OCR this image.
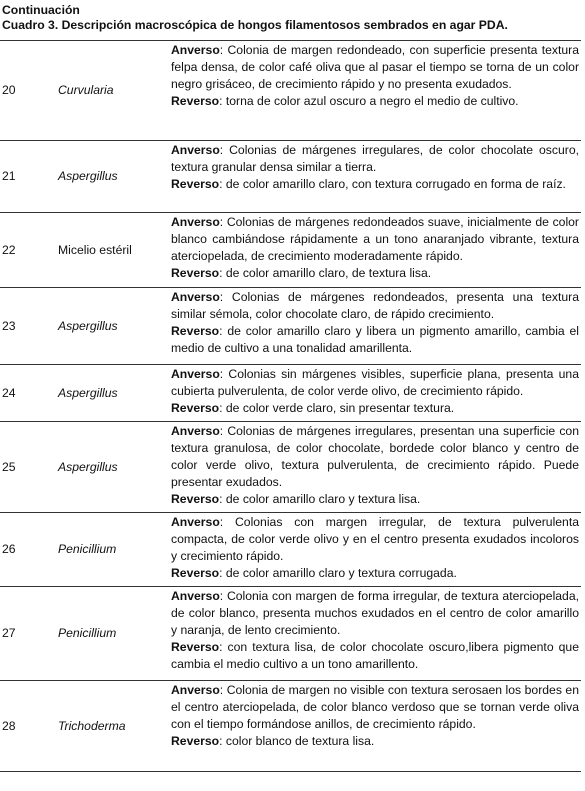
Continuación
Cuadro 3. Descripción macroscópica de hongos filamentosos sembrados en agar PDA.
20	Curvularia

Anverso: Colonia de margen redondeado, con superficie presenta textura felpa densa, de color café oliva que al pasar el tiempo se torna de un color negro grisáceo, de crecimiento rápido y no presenta exudados.

Reverso: torna de color azul oscuro a negro el medio de cultivo.

21	Aspergillus

Anverso: Colonias de márgenes irregulares, de color chocolate oscuro, textura granular densa similar a tierra.

Reverso: de color amarillo claro, con textura corrugado en forma de raíz.

22	Micelio estéril

Anverso: Colonias de márgenes redondeados suave, inicialmente de color blanco cambiándose rápidamente a un tono anaranjado vibrante, textura aterciopelada, de crecimiento moderadamente rápido.

Reverso: de color amarillo claro, de textura lisa.

23	Aspergillus

Anverso: Colonias de márgenes redondeados, presenta una textura similar sémola, color chocolate claro, de rápido crecimiento.

Reverso: de color amarillo claro y libera un pigmento amarillo, cambia el medio de cultivo a una tonalidad amarillenta.

24	Aspergillus

Anverso: Colonias sin márgenes visibles, superficie plana, presenta una cubierta pulverulenta, de color verde olivo, de crecimiento rápido.

Reverso: de color verde claro, sin presentar textura.

25	Aspergillus

Anverso: Colonias de márgenes irregulares, presentan una superficie con textura granulosa, de color chocolate, bordede color blanco y centro de color verde olivo, textura pulverulenta, de crecimiento rápido. Puede presentar exudados.

Reverso: de color amarillo claro y textura lisa.

26	Penicillium

Anverso: Colonias con margen irregular, de textura pulverulenta compacta, de color verde olivo y en el centro presenta exudados incoloros y crecimiento rápido.

Reverso: de color amarillo claro y textura corrugada.

27	Penicillium

Anverso: Colonia con margen de forma irregular, de textura aterciopelada, de color blanco, presenta muchos exudados en el centro de color amarillo y naranja, de lento crecimiento.

Reverso: con textura lisa, de color chocolate oscuro,libera pigmento que cambia el medio cultivo a un tono amarillento.

28	Trichoderma

Anverso: Colonia de margen no visible con textura serosaen los bordes en el centro aterciopelada, de color blanco verdoso que se tornan verde oliva con el tiempo formándose anillos, de crecimiento rápido.

Reverso: color blanco de textura lisa.
